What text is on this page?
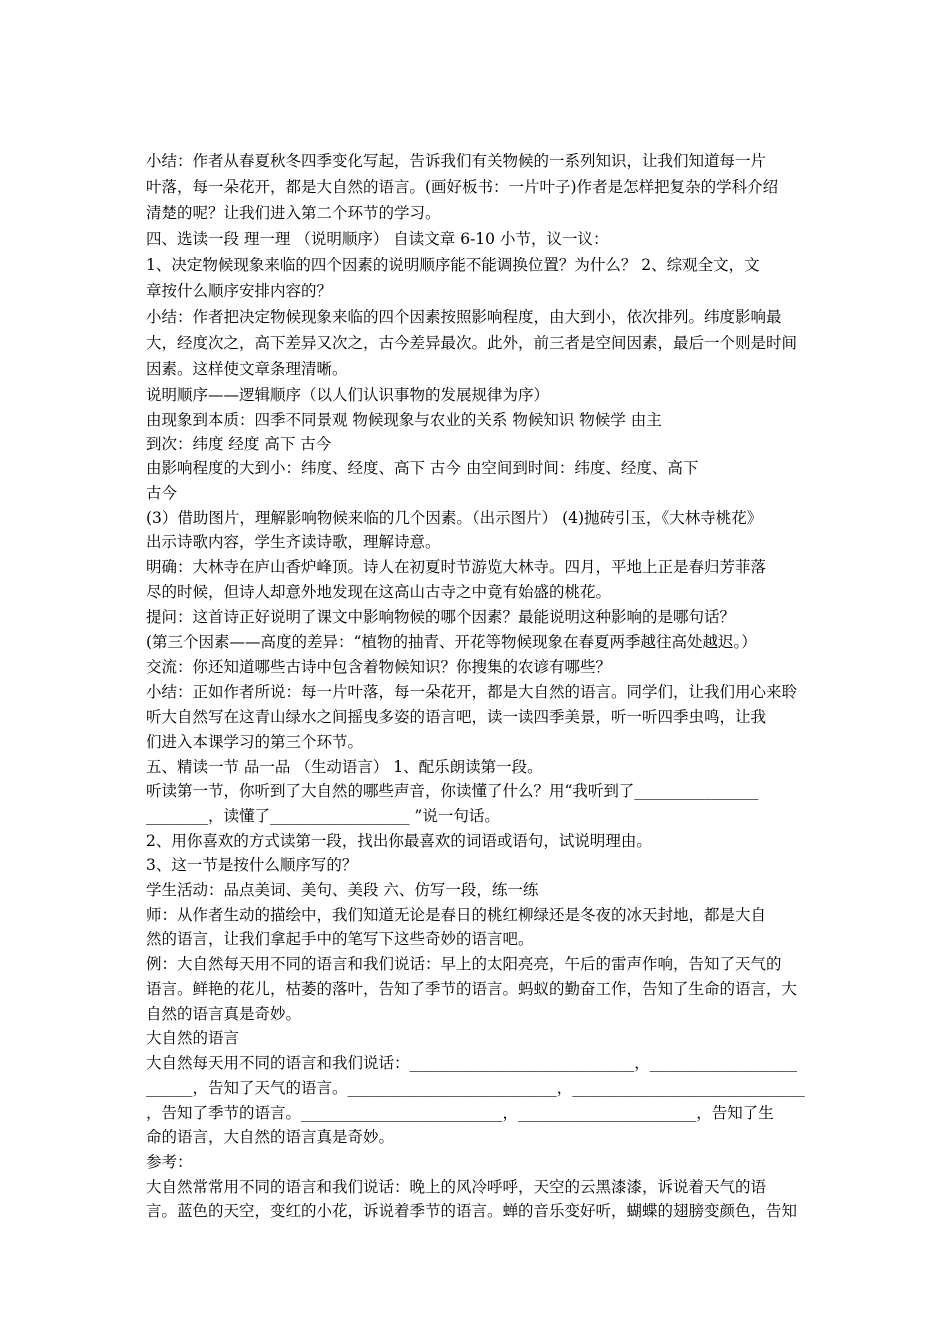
小结：作者从春夏秋冬四季变化写起，告诉我们有关物候的一系列知识，让我们知道每一片
叶落，每一朵花开，都是大自然的语言。(画好板书：一片叶子)作者是怎样把复杂的学科介绍
清楚的呢？让我们进入第二个环节的学习。
四、选读一段 理一理 （说明顺序） 自读文章 6-10 小节，议一议：
1、决定物候现象来临的四个因素的说明顺序能不能调换位置？为什么？ 2、综观全文，文
章按什么顺序安排内容的？
小结：作者把决定物候现象来临的四个因素按照影响程度，由大到小，依次排列。纬度影响最
大，经度次之，高下差异又次之，古今差异最次。此外，前三者是空间因素，最后一个则是时间
因素。这样使文章条理清晰。
说明顺序——逻辑顺序（以人们认识事物的发展规律为序）
由现象到本质：四季不同景观 物候现象与农业的关系 物候知识 物候学 由主
到次：纬度 经度 高下 古今
由影响程度的大到小：纬度、经度、高下 古今 由空间到时间：纬度、经度、高下
古今
(3）借助图片，理解影响物候来临的几个因素。（出示图片） (4)抛砖引玉，《大林寺桃花》
出示诗歌内容，学生齐读诗歌，理解诗意。
明确：大林寺在庐山香炉峰顶。诗人在初夏时节游览大林寺。四月，平地上正是春归芳菲落
尽的时候，但诗人却意外地发现在这高山古寺之中竟有始盛的桃花。
提问：这首诗正好说明了课文中影响物候的哪个因素？最能说明这种影响的是哪句话？
(第三个因素——高度的差异：“植物的抽青、开花等物候现象在春夏两季越往高处越迟。）
交流：你还知道哪些古诗中包含着物候知识？你搜集的农谚有哪些？
小结：正如作者所说：每一片叶落，每一朵花开，都是大自然的语言。同学们，让我们用心来聆
听大自然写在这青山绿水之间摇曳多姿的语言吧，读一读四季美景，听一听四季虫鸣，让我
们进入本课学习的第三个环节。
五、精读一节 品一品 （生动语言） 1、配乐朗读第一段。
听读第一节，你听到了大自然的哪些声音，你读懂了什么？用“我听到了________________
________，读懂了__________________ ”说一句话。
2、用你喜欢的方式读第一段，找出你最喜欢的词语或语句，试说明理由。
3、这一节是按什么顺序写的？
学生活动：品点美词、美句、美段 六、仿写一段，练一练
师：从作者生动的描绘中，我们知道无论是春日的桃红柳绿还是冬夜的冰天封地，都是大自
然的语言，让我们拿起手中的笔写下这些奇妙的语言吧。
例：大自然每天用不同的语言和我们说话：早上的太阳亮亮，午后的雷声作响，告知了天气的
语言。鲜艳的花儿，枯萎的落叶，告知了季节的语言。蚂蚁的勤奋工作，告知了生命的语言，大
自然的语言真是奇妙。
大自然的语言
大自然每天用不同的语言和我们说话：_____________________________，___________________
______，告知了天气的语言。___________________________，______________________________
，告知了季节的语言。__________________________，_______________________，告知了生
命的语言，大自然的语言真是奇妙。
参考：
大自然常常用不同的语言和我们说话：晚上的风冷呼呼，天空的云黑漆漆，诉说着天气的语
言。蓝色的天空，变红的小花，诉说着季节的语言。蝉的音乐变好听，蝴蝶的翅膀变颜色，告知
